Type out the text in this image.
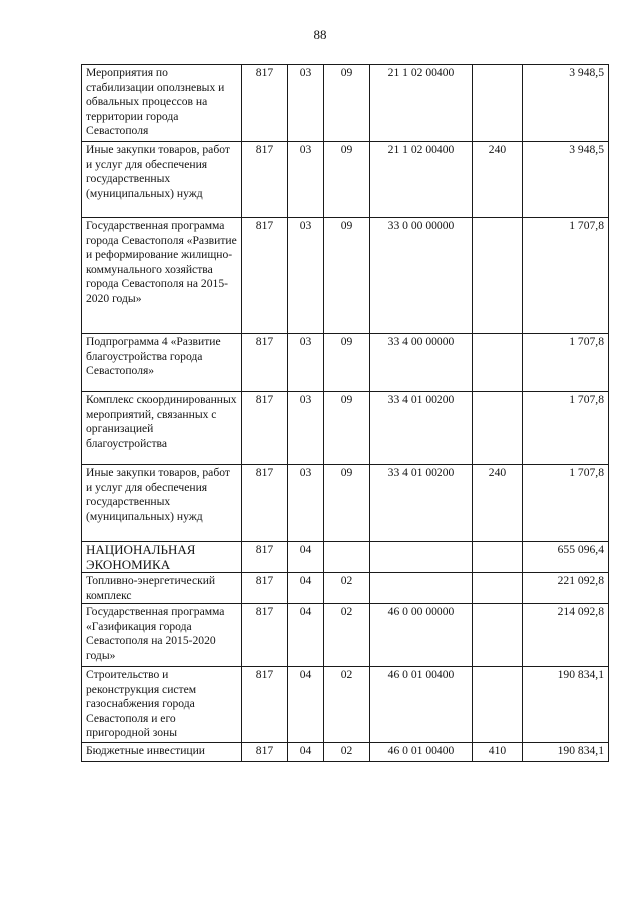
88
Мероприятия по стабилизации оползневых и обвальных процессов на территории города Севастополя	817	03	09	21 1 02 00400		3 948,5
Иные закупки товаров, работ и услуг для обеспечения государственных (муниципальных) нужд	817	03	09	21 1 02 00400	240	3 948,5
Государственная программа города Севастополя «Развитие и реформирование жилищно-коммунального хозяйства города Севастополя на 2015-2020 годы»	817	03	09	33 0 00 00000		1 707,8
Подпрограмма 4 «Развитие благоустройства города Севастополя»	817	03	09	33 4 00 00000		1 707,8
Комплекс скоординированных мероприятий, связанных с организацией благоустройства	817	03	09	33 4 01 00200		1 707,8
Иные закупки товаров, работ и услуг для обеспечения государственных (муниципальных) нужд	817	03	09	33 4 01 00200	240	1 707,8
НАЦИОНАЛЬНАЯ ЭКОНОМИКА	817	04				655 096,4
Топливно-энергетический комплекс	817	04	02			221 092,8
Государственная программа «Газификация города Севастополя на 2015-2020 годы»	817	04	02	46 0 00 00000		214 092,8
Строительство и реконструкция систем газоснабжения города Севастополя и его пригородной зоны	817	04	02	46 0 01 00400		190 834,1
Бюджетные инвестиции	817	04	02	46 0 01 00400	410	190 834,1
